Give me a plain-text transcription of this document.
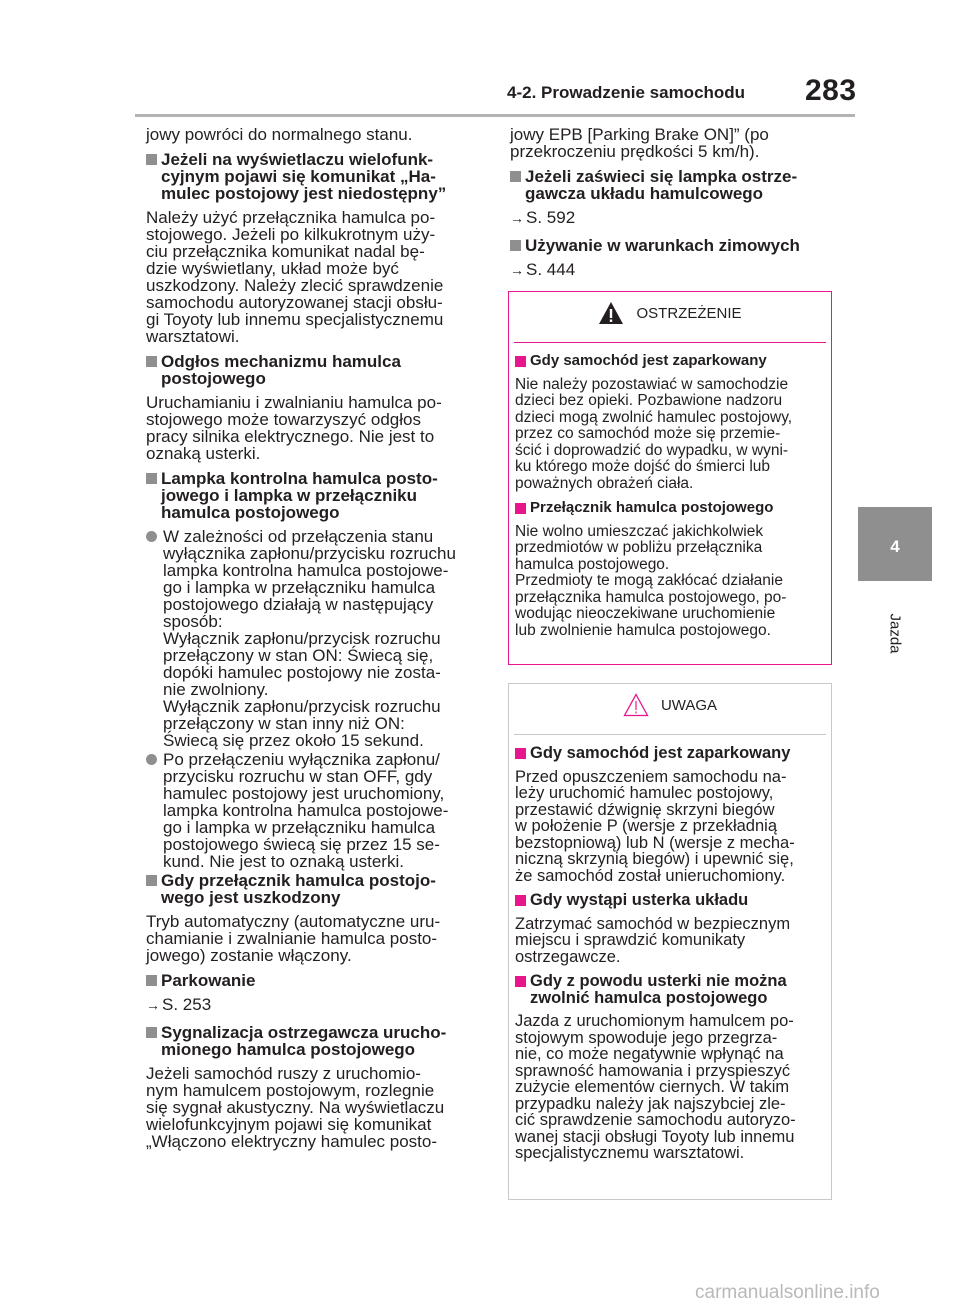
4-2. Prowadzenie samochodu 283
4
Jazda

jowy powróci do normalnego stanu.

Jeżeli na wyświetlaczu wielofunk-
cyjnym pojawi się komunikat „Ha-
mulec postojowy jest niedostępny”

Należy użyć przełącznika hamulca po-
stojowego. Jeżeli po kilkukrotnym uży-
ciu przełącznika komunikat nadal bę-
dzie wyświetlany, układ może być
uszkodzony. Należy zlecić sprawdzenie
samochodu autoryzowanej stacji obsłu-
gi Toyoty lub innemu specjalistycznemu
warsztatowi.

Odgłos mechanizmu hamulca
postojowego

Uruchamianiu i zwalnianiu hamulca po-
stojowego może towarzyszyć odgłos
pracy silnika elektrycznego. Nie jest to
oznaką usterki.

Lampka kontrolna hamulca posto-
jowego i lampka w przełączniku
hamulca postojowego
W zależności od przełączenia stanu
wyłącznika zapłonu/przycisku rozruchu
lampka kontrolna hamulca postojowe-
go i lampka w przełączniku hamulca
postojowego działają w następujący
sposób:
Wyłącznik zapłonu/przycisk rozruchu
przełączony w stan ON: Świecą się,
dopóki hamulec postojowy nie zosta-
nie zwolniony.
Wyłącznik zapłonu/przycisk rozruchu
przełączony w stan inny niż ON:
Świecą się przez około 15 sekund.
Po przełączeniu wyłącznika zapłonu/
przycisku rozruchu w stan OFF, gdy
hamulec postojowy jest uruchomiony,
lampka kontrolna hamulca postojowe-
go i lampka w przełączniku hamulca
postojowego świecą się przez 15 se-
kund. Nie jest to oznaką usterki.
Gdy przełącznik hamulca postojo-
wego jest uszkodzony

Tryb automatyczny (automatyczne uru-
chamianie i zwalnianie hamulca posto-
jowego) zostanie włączony.

Parkowanie
→ S. 253
Sygnalizacja ostrzegawcza urucho-
mionego hamulca postojowego

Jeżeli samochód ruszy z uruchomio-
nym hamulcem postojowym, rozlegnie
się sygnał akustyczny. Na wyświetlaczu
wielofunkcyjnym pojawi się komunikat
„Włączono elektryczny hamulec posto-

jowy EPB [Parking Brake ON]” (po
przekroczeniu prędkości 5 km/h).

Jeżeli zaświeci się lampka ostrze-
gawcza układu hamulcowego
→ S. 592
Używanie w warunkach zimowych
→ S. 444
OSTRZEŻENIE
Gdy samochód jest zaparkowany

Nie należy pozostawiać w samochodzie
dzieci bez opieki. Pozbawione nadzoru
dzieci mogą zwolnić hamulec postojowy,
przez co samochód może się przemie-
ścić i doprowadzić do wypadku, w wyni-
ku którego może dojść do śmierci lub
poważnych obrażeń ciała.

Przełącznik hamulca postojowego

Nie wolno umieszczać jakichkolwiek
przedmiotów w pobliżu przełącznika
hamulca postojowego.
Przedmioty te mogą zakłócać działanie
przełącznika hamulca postojowego, po-
wodując nieoczekiwane uruchomienie
lub zwolnienie hamulca postojowego.

UWAGA
Gdy samochód jest zaparkowany

Przed opuszczeniem samochodu na-
leży uruchomić hamulec postojowy,
przestawić dźwignię skrzyni biegów
w położenie P (wersje z przekładnią
bezstopniową) lub N (wersje z mecha-
niczną skrzynią biegów) i upewnić się,
że samochód został unieruchomiony.

Gdy wystąpi usterka układu

Zatrzymać samochód w bezpiecznym
miejscu i sprawdzić komunikaty
ostrzegawcze.

Gdy z powodu usterki nie można
zwolnić hamulca postojowego

Jazda z uruchomionym hamulcem po-
stojowym spowoduje jego przegrza-
nie, co może negatywnie wpłynąć na
sprawność hamowania i przyspieszyć
zużycie elementów ciernych. W takim
przypadku należy jak najszybciej zle-
cić sprawdzenie samochodu autoryzo-
wanej stacji obsługi Toyoty lub innemu
specjalistycznemu warsztatowi.

carmanualsonline.info
